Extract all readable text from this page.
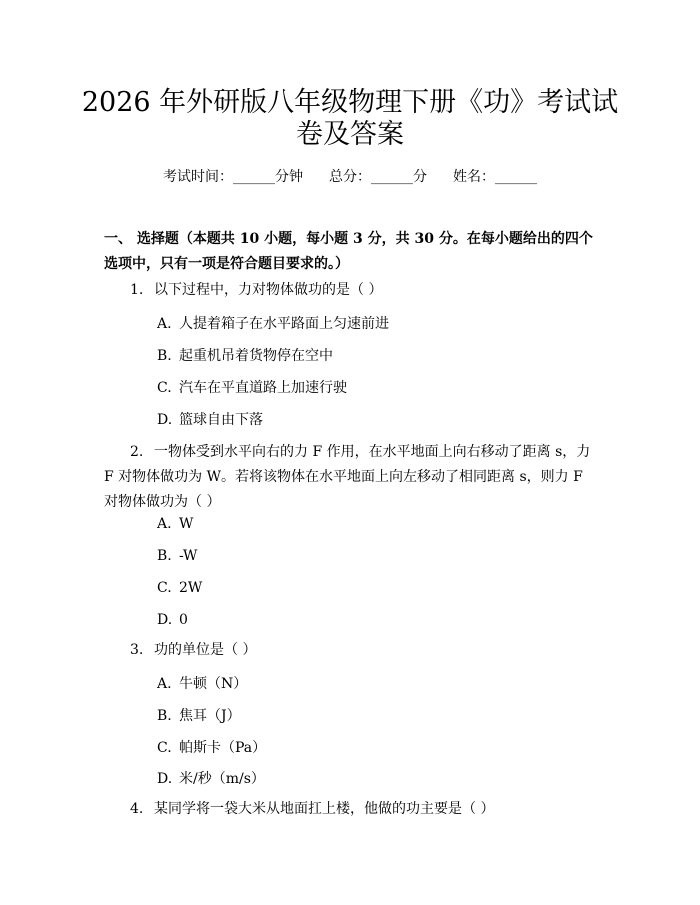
2026 年外研版八年级物理下册《功》考试试
卷及答案
考试时间：______分钟 总分：______分 姓名：______
一、 选择题（本题共 10 小题，每小题 3 分，共 30 分。在每小题给出的四个选项中，只有一项是符合题目要求的。）
1. 以下过程中，力对物体做功的是（ ）
A. 人提着箱子在水平路面上匀速前进
B. 起重机吊着货物停在空中
C. 汽车在平直道路上加速行驶
D. 篮球自由下落
2. 一物体受到水平向右的力 F 作用，在水平地面上向右移动了距离 s，力 F 对物体做功为 W。若将该物体在水平地面上向左移动了相同距离 s，则力 F 对物体做功为（ ）
A. W
B. -W
C. 2W
D. 0
3. 功的单位是（ ）
A. 牛顿（N）
B. 焦耳（J）
C. 帕斯卡（Pa）
D. 米/秒（m/s）
4. 某同学将一袋大米从地面扛上楼，他做的功主要是（ ）
